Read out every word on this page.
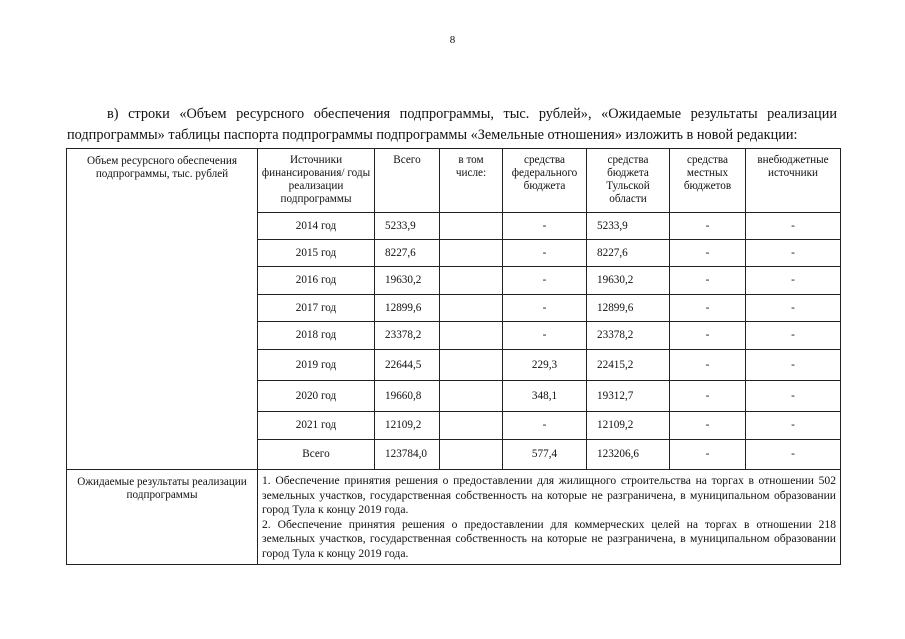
8

в) строки «Объем ресурсного обеспечения подпрограммы, тыс. рублей», «Ожидаемые результаты реализации подпрограммы» таблицы паспорта подпрограммы подпрограммы «Земельные отношения» изложить в новой редакции:

Объем ресурсного обеспечения подпрограммы, тыс. рублей	Источники финансирования/ годы реализации подпрограммы	Всего	в том числе:	средства федерального бюджета	средства бюджета Тульской области	средства местных бюджетов	внебюджетные источники
	2014 год	5233,9		-	5233,9	-	-
	2015 год	8227,6		-	8227,6	-	-
	2016 год	19630,2		-	19630,2	-	-
	2017 год	12899,6		-	12899,6	-	-
	2018 год	23378,2		-	23378,2	-	-
	2019 год	22644,5		229,3	22415,2	-	-
	2020 год	19660,8		348,1	19312,7	-	-
	2021 год	12109,2		-	12109,2	-	-
	Всего	123784,0		577,4	123206,6	-	-
Ожидаемые результаты реализации подпрограммы	1. Обеспечение принятия решения о предоставлении для жилищного строительства на торгах в отношении 502 земельных участков, государственная собственность на которые не разграничена, в муниципальном образовании город Тула к концу 2019 года.

2. Обеспечение принятия решения о предоставлении для коммерческих целей на торгах в отношении 218 земельных участков, государственная собственность на которые не разграничена, в муниципальном образовании город Тула к концу 2019 года.						
